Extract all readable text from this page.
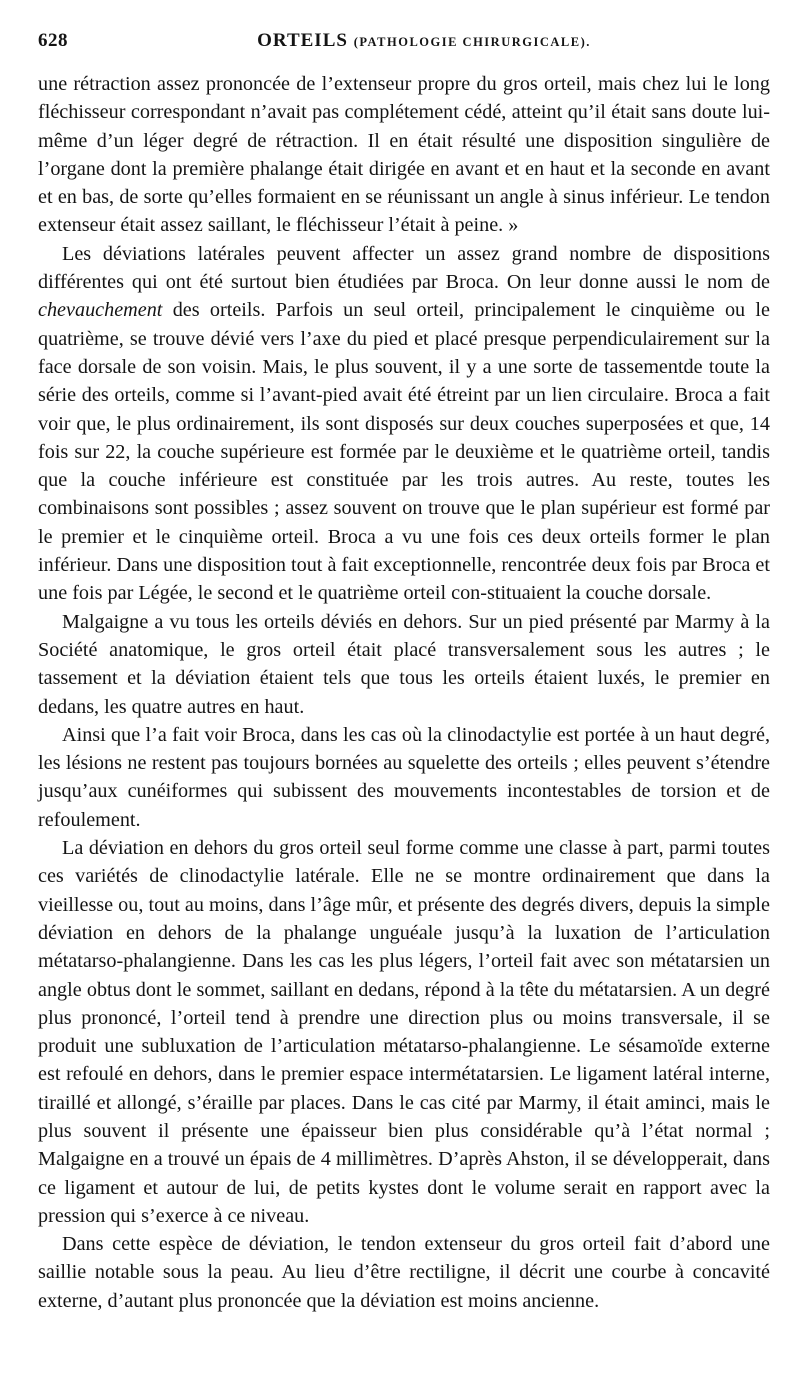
628	ORTEILS (PATHOLOGIE CHIRURGICALE).

une rétraction assez prononcée de l’extenseur propre du gros orteil, mais chez lui le long fléchisseur correspondant n’avait pas complétement cédé, atteint qu’il était sans doute lui-même d’un léger degré de rétraction. Il en était résulté une disposition singulière de l’organe dont la première phalange était dirigée en avant et en haut et la seconde en avant et en bas, de sorte qu’elles formaient en se réunissant un angle à sinus inférieur. Le tendon extenseur était assez saillant, le fléchisseur l’était à peine. »

Les déviations latérales peuvent affecter un assez grand nombre de dispositions différentes qui ont été surtout bien étudiées par Broca. On leur donne aussi le nom de chevauchement des orteils. Parfois un seul orteil, principalement le cinquième ou le quatrième, se trouve dévié vers l’axe du pied et placé presque perpendiculairement sur la face dorsale de son voisin. Mais, le plus souvent, il y a une sorte de tassementde toute la série des orteils, comme si l’avant-pied avait été étreint par un lien circulaire. Broca a fait voir que, le plus ordinairement, ils sont disposés sur deux couches superposées et que, 14 fois sur 22, la couche supérieure est formée par le deuxième et le quatrième orteil, tandis que la couche inférieure est constituée par les trois autres. Au reste, toutes les combinaisons sont possibles ; assez souvent on trouve que le plan supérieur est formé par le premier et le cinquième orteil. Broca a vu une fois ces deux orteils former le plan inférieur. Dans une disposition tout à fait exceptionnelle, rencontrée deux fois par Broca et une fois par Légée, le second et le quatrième orteil con-stituaient la couche dorsale.

Malgaigne a vu tous les orteils déviés en dehors. Sur un pied présenté par Marmy à la Société anatomique, le gros orteil était placé transversalement sous les autres ; le tassement et la déviation étaient tels que tous les orteils étaient luxés, le premier en dedans, les quatre autres en haut.

Ainsi que l’a fait voir Broca, dans les cas où la clinodactylie est portée à un haut degré, les lésions ne restent pas toujours bornées au squelette des orteils ; elles peuvent s’étendre jusqu’aux cunéiformes qui subissent des mouvements incontestables de torsion et de refoulement.

La déviation en dehors du gros orteil seul forme comme une classe à part, parmi toutes ces variétés de clinodactylie latérale. Elle ne se montre ordinairement que dans la vieillesse ou, tout au moins, dans l’âge mûr, et présente des degrés divers, depuis la simple déviation en dehors de la phalange unguéale jusqu’à la luxation de l’articulation métatarso-phalangienne. Dans les cas les plus légers, l’orteil fait avec son métatarsien un angle obtus dont le sommet, saillant en dedans, répond à la tête du métatarsien. A un degré plus prononcé, l’orteil tend à prendre une direction plus ou moins transversale, il se produit une subluxation de l’articulation métatarso-phalangienne. Le sésamoïde externe est refoulé en dehors, dans le premier espace intermétatarsien. Le ligament latéral interne, tiraillé et allongé, s’éraille par places. Dans le cas cité par Marmy, il était aminci, mais le plus souvent il présente une épaisseur bien plus considérable qu’à l’état normal ; Malgaigne en a trouvé un épais de 4 millimètres. D’après Ahston, il se développerait, dans ce ligament et autour de lui, de petits kystes dont le volume serait en rapport avec la pression qui s’exerce à ce niveau.

Dans cette espèce de déviation, le tendon extenseur du gros orteil fait d’abord une saillie notable sous la peau. Au lieu d’être rectiligne, il décrit une courbe à concavité externe, d’autant plus prononcée que la déviation est moins ancienne.
